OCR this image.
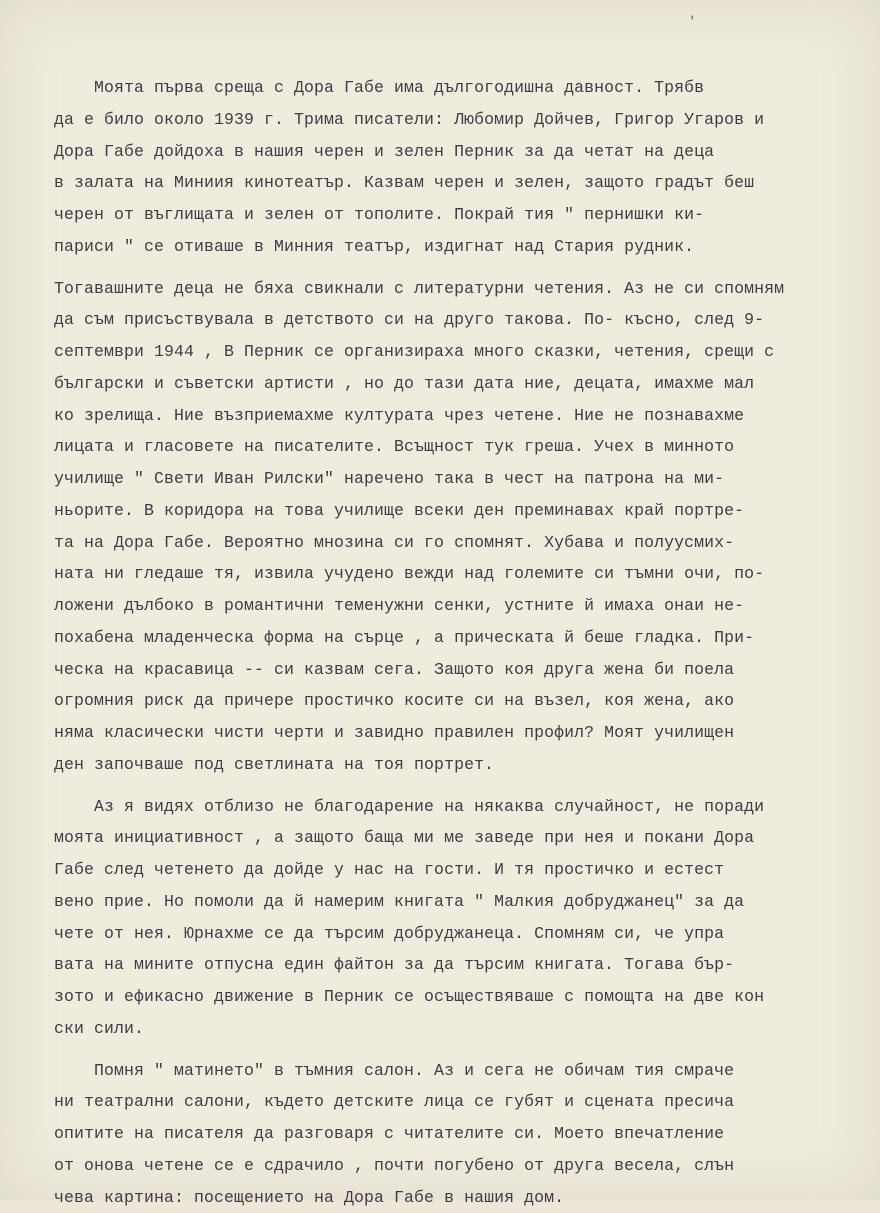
'
Моята първа среща с Дора Габе има дългогодишна давност. Трябв
да е било около 1939 г. Трима писатели: Любомир Дойчев, Григор Угаров и
Дора Габе дойдоха в нашия черен и зелен Перник за да четат на деца
в залата на Миниия кинотеатър. Казвам черен и зелен, защото градът беш
черен от въглищата и зелен от тополите. Покрай тия " пернишки ки-
париси " се отиваше в Минния театър, издигнат над Стария рудник.
Тогавашните деца не бяха свикнали с литературни четения. Аз не си спомням
да съм присъствувала в детството си на друго такова. По- късно, след 9-
септември 1944 , В Перник се организираха много сказки, четения, срещи с
български и съветски артисти , но до тази дата ние, децата, имахме мал
ко зрелища. Ние възприемахме културата чрез четене. Ние не познавахме
лицата и гласовете на писателите. Всъщност тук греша. Учех в минното
училище " Свети Иван Рилски" наречено така в чест на патрона на ми-
ньорите. В коридора на това училище всеки ден преминавах край портре-
та на Дора Габе. Вероятно мнозина си го спомнят. Хубава и полуусмих-
ната ни гледаше тя, извила учудено вежди над големите си тъмни очи, по-
ложени дълбоко в романтични теменужни сенки, устните й имаха онаи не-
похабена младенческа форма на сърце , а прическата й беше гладка. При-
ческа на красавица -- си казвам сега. Защото коя друга жена би поела
огромния риск да причере простичко косите си на възел, коя жена, ако
няма класически чисти черти и завидно правилен профил? Моят училищен
ден започваше под светлината на тоя портрет.
Аз я видях отблизо не благодарение на някаква случайност, не поради
моята инициативност , а защото баща ми ме заведе при нея и покани Дора
Габе след четенето да дойде у нас на гости. И тя простичко и естест
вено прие. Но помоли да й намерим книгата " Малкия добруджанец" за да
чете от нея. Юрнахме се да търсим добруджанеца. Спомням си, че упра
вата на мините отпусна един файтон за да търсим книгата. Тогава бър-
зото и ефикасно движение в Перник се осъществяваше с помощта на две кон
ски сили.
Помня " матинето" в тъмния салон. Аз и сега не обичам тия смраче
ни театрални салони, където детските лица се губят и сцената пресича
опитите на писателя да разговаря с читателите си. Моето впечатление
от онова четене се е сдрачило , почти погубено от друга весела, слън
чева картина: посещението на Дора Габе в нашия дом.
